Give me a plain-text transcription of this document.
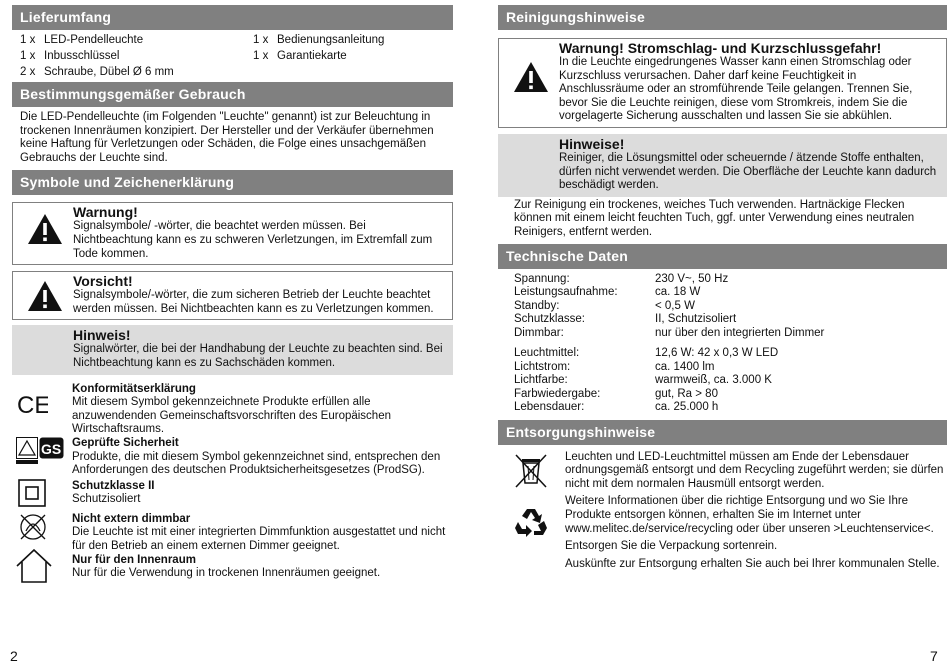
Lieferumfang
1 x LED-Pendelleuchte	1 x Bedienungsanleitung
1 x Inbusschlüssel	1 x Garantiekarte
2 x Schraube, Dübel Ø 6 mm
Bestimmungsgemäßer Gebrauch

Die LED-Pendelleuchte (im Folgenden "Leuchte" genannt) ist zur Beleuchtung in trockenen Innenräumen konzipiert. Der Hersteller und der Verkäufer übernehmen keine Haftung für Verletzungen oder Schäden, die Folge eines unsachgemäßen Gebrauchs der Leuchte sind.

Symbole und Zeichenerklärung
Warnung!
Signalsymbole/ -wörter, die beachtet werden müssen. Bei Nichtbeachtung kann es zu schweren Verletzungen, im Extremfall zum Tode kommen.
Vorsicht!
Signalsymbole/-wörter, die zum sicheren Betrieb der Leuchte beachtet werden müssen. Bei Nichtbeachten kann es zu Verletzungen kommen.
Hinweis!
Signalwörter, die bei der Handhabung der Leuchte zu beachten sind. Bei Nichtbeachtung kann es zu Sachschäden kommen.
CE
Konformitätserklärung
Mit diesem Symbol gekennzeichnete Produkte erfüllen alle anzuwendenden Gemeinschaftsvorschriften des Europäischen Wirtschaftsraums.
GS Geprüfte Sicherheit
Produkte, die mit diesem Symbol gekennzeichnet sind, entsprechen den Anforderungen des deutschen Produktsicherheitsgesetzes (ProdSG).
Schutzklasse II
Schutzisoliert
Nicht extern dimmbar
Die Leuchte ist mit einer integrierten Dimmfunktion ausgestattet und nicht für den Betrieb an einem externen Dimmer geeignet.
Nur für den Innenraum
Nur für die Verwendung in trockenen Innenräumen geeignet.
Reinigungshinweise
Warnung! Stromschlag- und Kurzschlussgefahr!
In die Leuchte eingedrungenes Wasser kann einen Stromschlag oder Kurzschluss verursachen. Daher darf keine Feuchtigkeit in Anschlussräume oder an stromführende Teile gelangen. Trennen Sie, bevor Sie die Leuchte reinigen, diese vom Stromkreis, indem Sie die vorgelagerte Sicherung ausschalten und lassen Sie sie abkühlen.
Hinweise!
Reiniger, die Lösungsmittel oder scheuernde / ätzende Stoffe enthalten, dürfen nicht verwendet werden. Die Oberfläche der Leuchte kann dadurch beschädigt werden.

Zur Reinigung ein trockenes, weiches Tuch verwenden. Hartnäckige Flecken können mit einem leicht feuchten Tuch, ggf. unter Verwendung eines neutralen Reinigers, entfernt werden.

Technische Daten
Spannung:	230 V~, 50 Hz
Leistungsaufnahme:	ca. 18 W
Standby:	< 0,5 W
Schutzklasse:	II, Schutzisoliert
Dimmbar:	nur über den integrierten Dimmer
Leuchtmittel:	12,6 W: 42 x 0,3 W LED
Lichtstrom:	ca. 1400 lm
Lichtfarbe:	warmweiß, ca. 3.000 K
Farbwiedergabe:	gut, Ra > 80
Lebensdauer:	ca. 25.000 h
Entsorgungshinweise

Leuchten und LED-Leuchtmittel müssen am Ende der Lebensdauer ordnungsgemäß entsorgt und dem Recycling zugeführt werden; sie dürfen nicht mit dem normalen Hausmüll entsorgt werden.

Weitere Informationen über die richtige Entsorgung und wo Sie Ihre Produkte entsorgen können, erhalten Sie im Internet unter www.melitec.de/service/recycling oder über unseren >Leuchtenservice<.

Entsorgen Sie die Verpackung sortenrein.

Auskünfte zur Entsorgung erhalten Sie auch bei Ihrer kommunalen Stelle.

2	7
